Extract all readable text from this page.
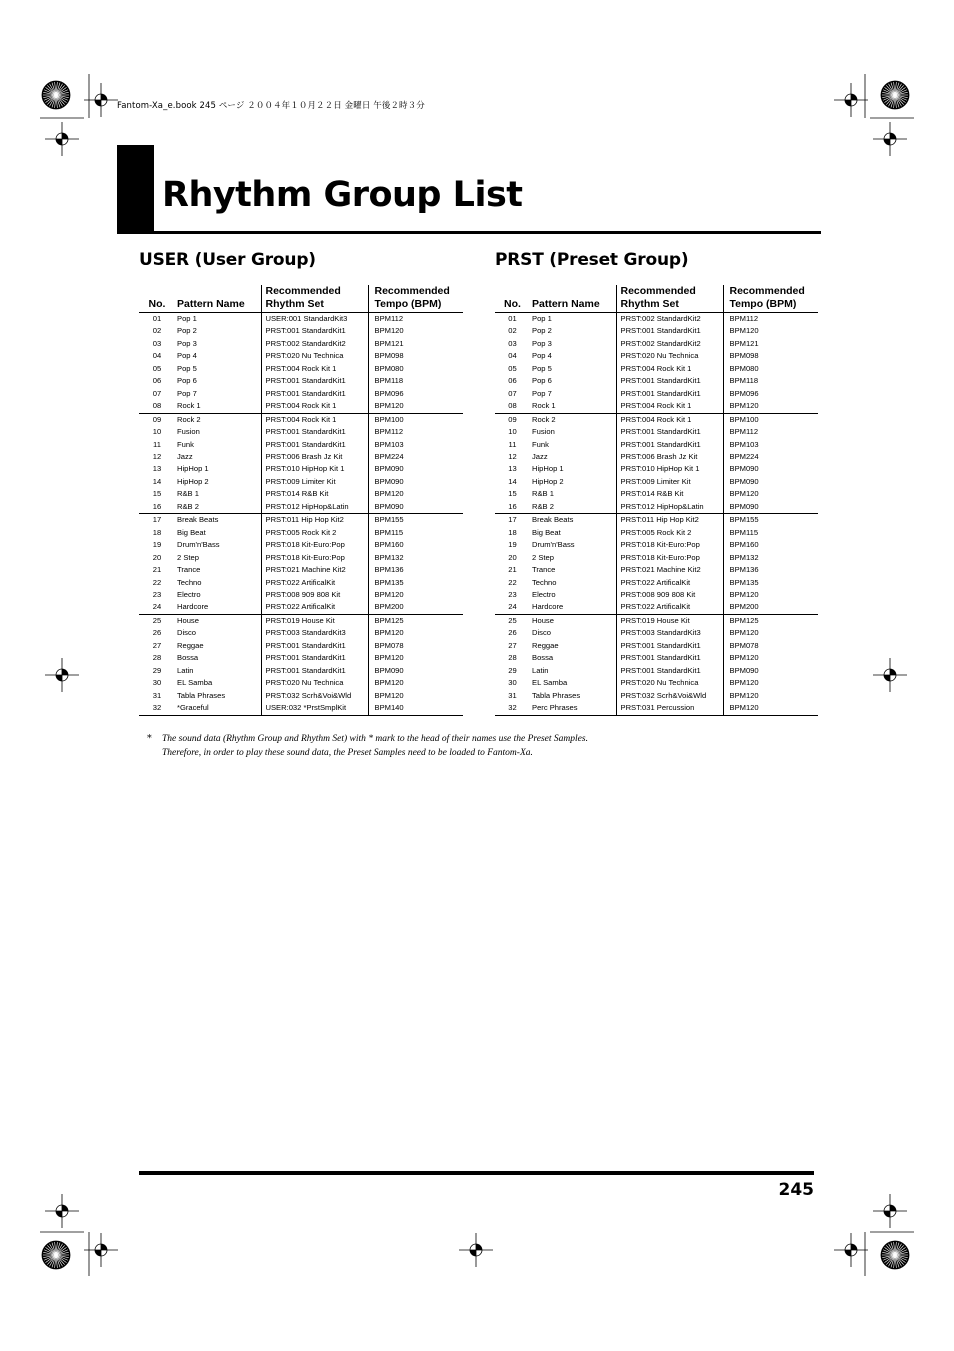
Fantom-Xa_e.book 245 ページ ２００４年１０月２２日 金曜日 午後２時３分
Rhythm Group List
USER (User Group)	PRST (Preset Group)
No.	Pattern Name	Recommended Rhythm Set	Recommended Tempo (BPM)
01	Pop 1	USER:001 StandardKit3	BPM112
02	Pop 2	PRST:001 StandardKit1	BPM120
03	Pop 3	PRST:002 StandardKit2	BPM121
04	Pop 4	PRST:020 Nu Technica	BPM098
05	Pop 5	PRST:004 Rock Kit 1	BPM080
06	Pop 6	PRST:001 StandardKit1	BPM118
07	Pop 7	PRST:001 StandardKit1	BPM096
08	Rock 1	PRST:004 Rock Kit 1	BPM120
09	Rock 2	PRST:004 Rock Kit 1	BPM100
10	Fusion	PRST:001 StandardKit1	BPM112
11	Funk	PRST:001 StandardKit1	BPM103
12	Jazz	PRST:006 Brash Jz Kit	BPM224
13	HipHop 1	PRST:010 HipHop Kit 1	BPM090
14	HipHop 2	PRST:009 Limiter Kit	BPM090
15	R&B 1	PRST:014 R&B Kit	BPM120
16	R&B 2	PRST:012 HipHop&Latin	BPM090
17	Break Beats	PRST:011 Hip Hop Kit2	BPM155
18	Big Beat	PRST:005 Rock Kit 2	BPM115
19	Drum'n'Bass	PRST:018 Kit-Euro:Pop	BPM160
20	2 Step	PRST:018 Kit-Euro:Pop	BPM132
21	Trance	PRST:021 Machine Kit2	BPM136
22	Techno	PRST:022 ArtificalKit	BPM135
23	Electro	PRST:008 909 808 Kit	BPM120
24	Hardcore	PRST:022 ArtificalKit	BPM200
25	House	PRST:019 House Kit	BPM125
26	Disco	PRST:003 StandardKit3	BPM120
27	Reggae	PRST:001 StandardKit1	BPM078
28	Bossa	PRST:001 StandardKit1	BPM120
29	Latin	PRST:001 StandardKit1	BPM090
30	EL Samba	PRST:020 Nu Technica	BPM120
31	Tabla Phrases	PRST:032 Scrh&Voi&Wld	BPM120
32	*Graceful	USER:032 *PrstSmplKit	BPM140
No.	Pattern Name	Recommended Rhythm Set	Recommended Tempo (BPM)
01	Pop 1	PRST:002 StandardKit2	BPM112
02	Pop 2	PRST:001 StandardKit1	BPM120
03	Pop 3	PRST:002 StandardKit2	BPM121
04	Pop 4	PRST:020 Nu Technica	BPM098
05	Pop 5	PRST:004 Rock Kit 1	BPM080
06	Pop 6	PRST:001 StandardKit1	BPM118
07	Pop 7	PRST:001 StandardKit1	BPM096
08	Rock 1	PRST:004 Rock Kit 1	BPM120
09	Rock 2	PRST:004 Rock Kit 1	BPM100
10	Fusion	PRST:001 StandardKit1	BPM112
11	Funk	PRST:001 StandardKit1	BPM103
12	Jazz	PRST:006 Brash Jz Kit	BPM224
13	HipHop 1	PRST:010 HipHop Kit 1	BPM090
14	HipHop 2	PRST:009 Limiter Kit	BPM090
15	R&B 1	PRST:014 R&B Kit	BPM120
16	R&B 2	PRST:012 HipHop&Latin	BPM090
17	Break Beats	PRST:011 Hip Hop Kit2	BPM155
18	Big Beat	PRST:005 Rock Kit 2	BPM115
19	Drum'n'Bass	PRST:018 Kit-Euro:Pop	BPM160
20	2 Step	PRST:018 Kit-Euro:Pop	BPM132
21	Trance	PRST:021 Machine Kit2	BPM136
22	Techno	PRST:022 ArtificalKit	BPM135
23	Electro	PRST:008 909 808 Kit	BPM120
24	Hardcore	PRST:022 ArtificalKit	BPM200
25	House	PRST:019 House Kit	BPM125
26	Disco	PRST:003 StandardKit3	BPM120
27	Reggae	PRST:001 StandardKit1	BPM078
28	Bossa	PRST:001 StandardKit1	BPM120
29	Latin	PRST:001 StandardKit1	BPM090
30	EL Samba	PRST:020 Nu Technica	BPM120
31	Tabla Phrases	PRST:032 Scrh&Voi&Wld	BPM120
32	Perc Phrases	PRST:031 Percussion	BPM120
* The sound data (Rhythm Group and Rhythm Set) with * mark to the head of their names use the Preset Samples.
Therefore, in order to play these sound data, the Preset Samples need to be loaded to Fantom-Xa.
245
